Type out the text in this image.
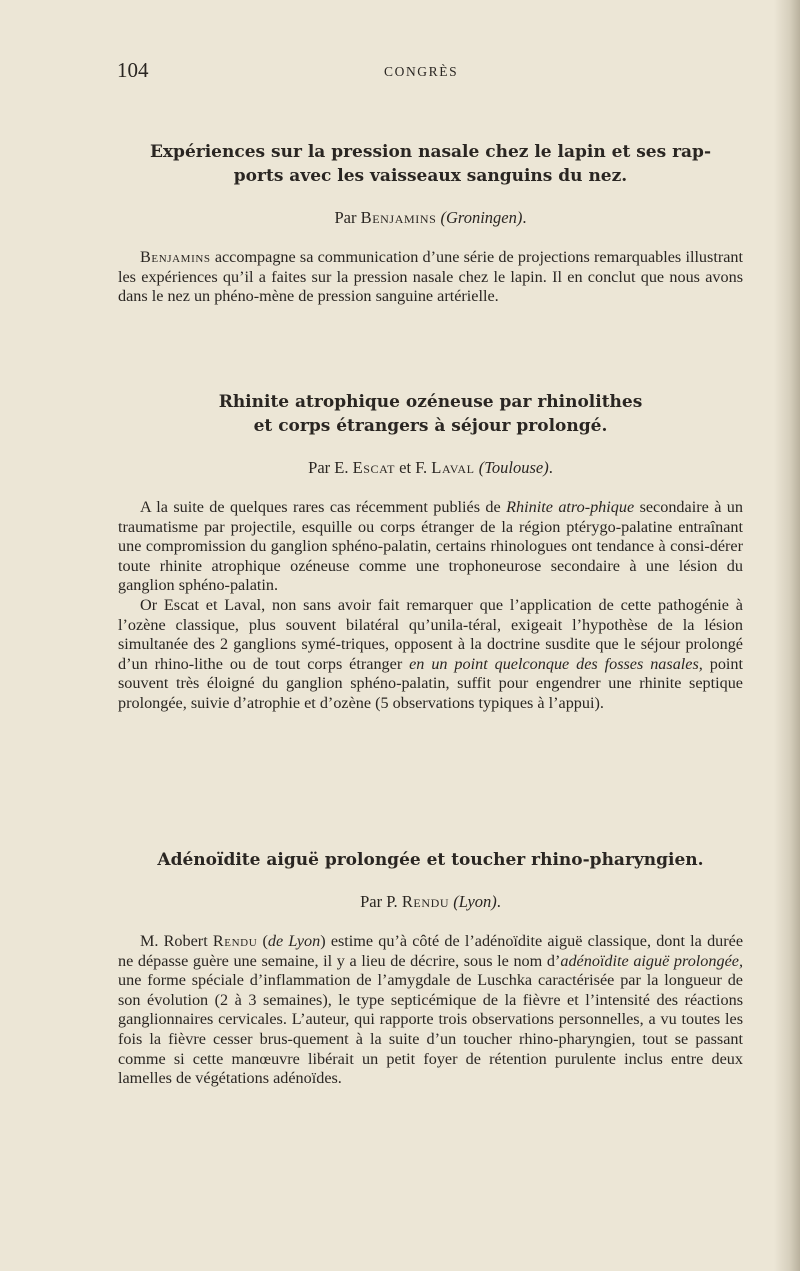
104	CONGRÈS
Expériences sur la pression nasale chez le lapin et ses rap-
ports avec les vaisseaux sanguins du nez.
Par Benjamins (Groningen).

Benjamins accompagne sa communication d’une série de projections remarquables illustrant les expériences qu’il a faites sur la pression nasale chez le lapin. Il en conclut que nous avons dans le nez un phéno-mène de pression sanguine artérielle.

Rhinite atrophique ozéneuse par rhinolithes
et corps étrangers à séjour prolongé.
Par E. Escat et F. Laval (Toulouse).

A la suite de quelques rares cas récemment publiés de Rhinite atro-phique secondaire à un traumatisme par projectile, esquille ou corps étranger de la région ptérygo-palatine entraînant une compromission du ganglion sphéno-palatin, certains rhinologues ont tendance à consi-dérer toute rhinite atrophique ozéneuse comme une trophoneurose secondaire à une lésion du ganglion sphéno-palatin.

Or Escat et Laval, non sans avoir fait remarquer que l’application de cette pathogénie à l’ozène classique, plus souvent bilatéral qu’unila-téral, exigeait l’hypothèse de la lésion simultanée des 2 ganglions symé-triques, opposent à la doctrine susdite que le séjour prolongé d’un rhino-lithe ou de tout corps étranger en un point quelconque des fosses nasales, point souvent très éloigné du ganglion sphéno-palatin, suffit pour engendrer une rhinite septique prolongée, suivie d’atrophie et d’ozène (5 observations typiques à l’appui).

Adénoïdite aiguë prolongée et toucher rhino-pharyngien.
Par P. Rendu (Lyon).

M. Robert Rendu (de Lyon) estime qu’à côté de l’adénoïdite aiguë classique, dont la durée ne dépasse guère une semaine, il y a lieu de décrire, sous le nom d’adénoïdite aiguë prolongée, une forme spéciale d’inflammation de l’amygdale de Luschka caractérisée par la longueur de son évolution (2 à 3 semaines), le type septicémique de la fièvre et l’intensité des réactions ganglionnaires cervicales. L’auteur, qui rapporte trois observations personnelles, a vu toutes les fois la fièvre cesser brus-quement à la suite d’un toucher rhino-pharyngien, tout se passant comme si cette manœuvre libérait un petit foyer de rétention purulente inclus entre deux lamelles de végétations adénoïdes.
